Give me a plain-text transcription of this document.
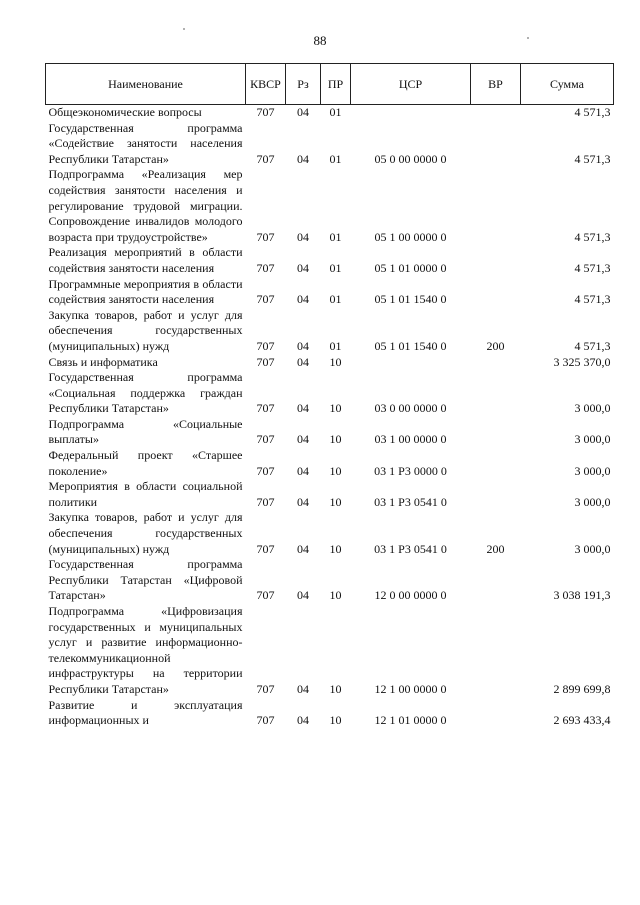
88
Наименование	КВСР	Рз	ПР	ЦСР	ВР	Сумма
Общеэкономические вопросы	707	04	01			4 571,3
Государственная программа «Содействие занятости населения Республики Татарстан»	707	04	01	05 0 00 0000 0		4 571,3
Подпрограмма «Реализация мер содействия занятости населения и регулирование трудовой миграции. Сопровождение инвалидов молодого возраста при трудоустройстве»	707	04	01	05 1 00 0000 0		4 571,3
Реализация мероприятий в области содействия занятости населения	707	04	01	05 1 01 0000 0		4 571,3
Программные мероприятия в области содействия занятости населения	707	04	01	05 1 01 1540 0		4 571,3
Закупка товаров, работ и услуг для обеспечения государственных (муниципальных) нужд	707	04	01	05 1 01 1540 0	200	4 571,3
Связь и информатика	707	04	10			3 325 370,0
Государственная программа «Социальная поддержка граждан Республики Татарстан»	707	04	10	03 0 00 0000 0		3 000,0
Подпрограмма «Социальные выплаты»	707	04	10	03 1 00 0000 0		3 000,0
Федеральный проект «Старшее поколение»	707	04	10	03 1 P3 0000 0		3 000,0
Мероприятия в области социальной политики	707	04	10	03 1 P3 0541 0		3 000,0
Закупка товаров, работ и услуг для обеспечения государственных (муниципальных) нужд	707	04	10	03 1 P3 0541 0	200	3 000,0
Государственная программа Республики Татарстан «Цифровой Татарстан»	707	04	10	12 0 00 0000 0		3 038 191,3
Подпрограмма «Цифровизация государственных и муниципальных услуг и развитие информационно-телекоммуникационной инфраструктуры на территории Республики Татарстан»	707	04	10	12 1 00 0000 0		2 899 699,8
Развитие и эксплуатация информационных и	707	04	10	12 1 01 0000 0		2 693 433,4
